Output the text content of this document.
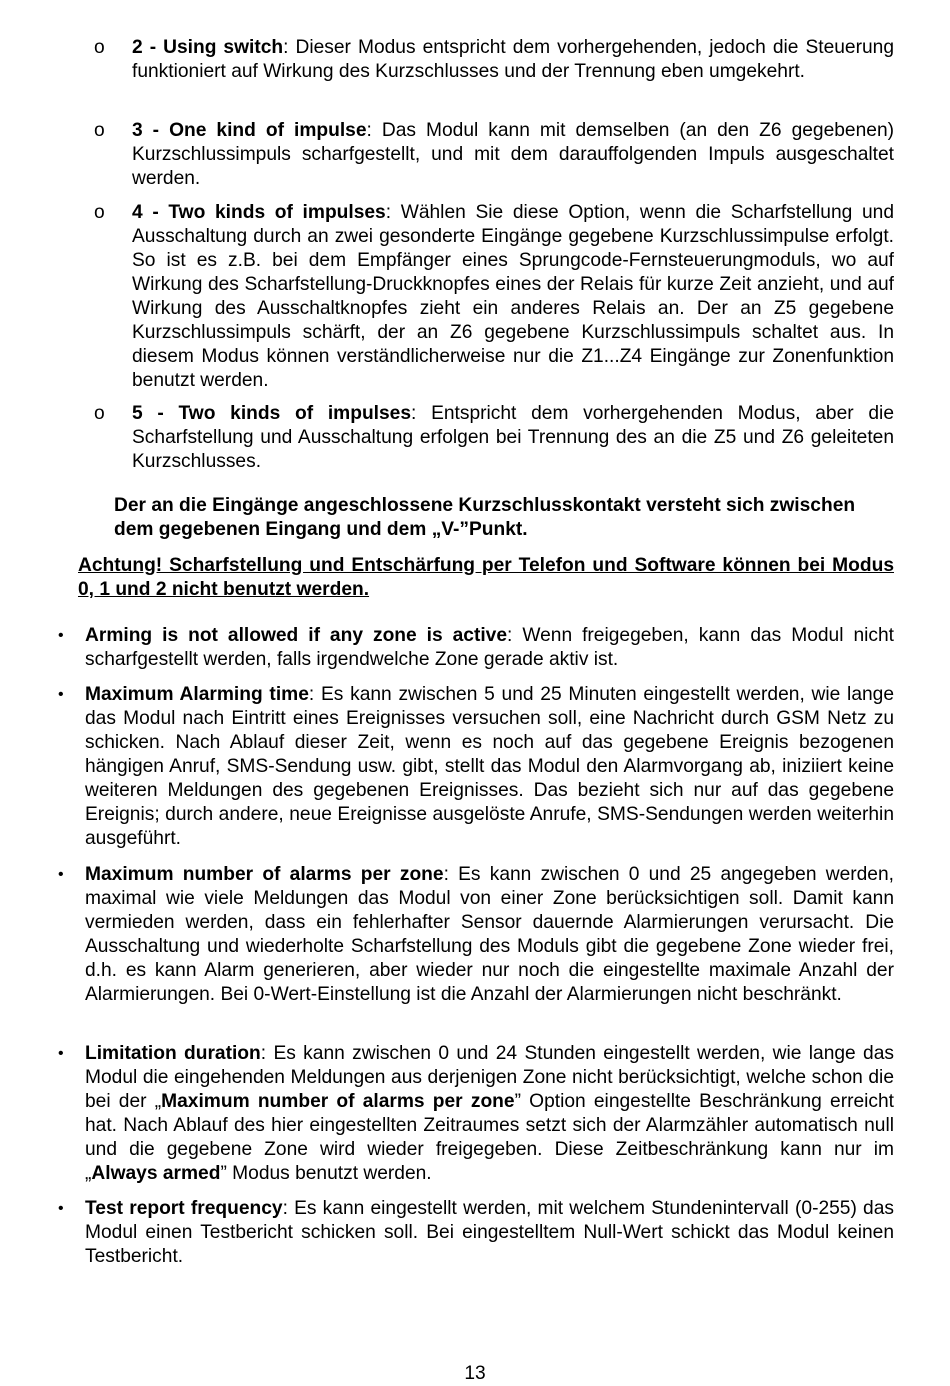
o	2 - Using switch: Dieser Modus entspricht dem vorhergehenden, jedoch die Steuerung funktioniert auf Wirkung des Kurzschlusses und der Trennung eben umgekehrt.

o	3 - One kind of impulse: Das Modul kann mit demselben (an den Z6 gegebenen) Kurzschlussimpuls scharfgestellt, und mit dem darauffolgenden Impuls ausgeschaltet werden.

o	4 - Two kinds of impulses: Wählen Sie diese Option, wenn die Scharfstellung und Ausschaltung durch an zwei gesonderte Eingänge gegebene Kurzschlussimpulse erfolgt. So ist es z.B. bei dem Empfänger eines Sprungcode-Fernsteuerungmoduls, wo auf Wirkung des Scharfstellung-Druckknopfes eines der Relais für kurze Zeit anzieht, und auf Wirkung des Ausschaltknopfes zieht ein anderes Relais an. Der an Z5 gegebene Kurzschlussimpuls schärft, der an Z6 gegebene Kurzschlussimpuls schaltet aus. In diesem Modus können verständlicherweise nur die Z1...Z4 Eingänge zur Zonenfunktion benutzt werden.

o	5 - Two kinds of impulses: Entspricht dem vorhergehenden Modus, aber die Scharfstellung und Ausschaltung erfolgen bei Trennung des an die Z5 und Z6 geleiteten Kurzschlusses.

Der an die Eingänge angeschlossene Kurzschlusskontakt versteht sich zwischen dem gegebenen Eingang und dem „V-”Punkt.

Achtung! Scharfstellung und Entschärfung per Telefon und Software können bei Modus 0, 1 und 2 nicht benutzt werden.

•	Arming is not allowed if any zone is active: Wenn freigegeben, kann das Modul nicht scharfgestellt werden, falls irgendwelche Zone gerade aktiv ist.

•	Maximum Alarming time: Es kann zwischen 5 und 25 Minuten eingestellt werden, wie lange das Modul nach Eintritt eines Ereignisses versuchen soll, eine Nachricht durch GSM Netz zu schicken. Nach Ablauf dieser Zeit, wenn es noch auf das gegebene Ereignis bezogenen hängigen Anruf, SMS-Sendung usw. gibt, stellt das Modul den Alarmvorgang ab, iniziiert keine weiteren Meldungen des gegebenen Ereignisses. Das bezieht sich nur auf das gegebene Ereignis; durch andere, neue Ereignisse ausgelöste Anrufe, SMS-Sendungen werden weiterhin ausgeführt.

•	Maximum number of alarms per zone: Es kann zwischen 0 und 25 angegeben werden, maximal wie viele Meldungen das Modul von einer Zone berücksichtigen soll. Damit kann vermieden werden, dass ein fehlerhafter Sensor dauernde Alarmierungen verursacht. Die Ausschaltung und wiederholte Scharfstellung des Moduls gibt die gegebene Zone wieder frei, d.h. es kann Alarm generieren, aber wieder nur noch die eingestellte maximale Anzahl der Alarmierungen. Bei 0-Wert-Einstellung ist die Anzahl der Alarmierungen nicht beschränkt.

•	Limitation duration: Es kann zwischen 0 und 24 Stunden eingestellt werden, wie lange das Modul die eingehenden Meldungen aus derjenigen Zone nicht berücksichtigt, welche schon die bei der „Maximum number of alarms per zone” Option eingestellte Beschränkung erreicht hat. Nach Ablauf des hier eingestellten Zeitraumes setzt sich der Alarmzähler automatisch null und die gegebene Zone wird wieder freigegeben. Diese Zeitbeschränkung kann nur im „Always armed” Modus benutzt werden.

•	Test report frequency: Es kann eingestellt werden, mit welchem Stundenintervall (0-255) das Modul einen Testbericht schicken soll. Bei eingestelltem Null-Wert schickt das Modul keinen Testbericht.

13
